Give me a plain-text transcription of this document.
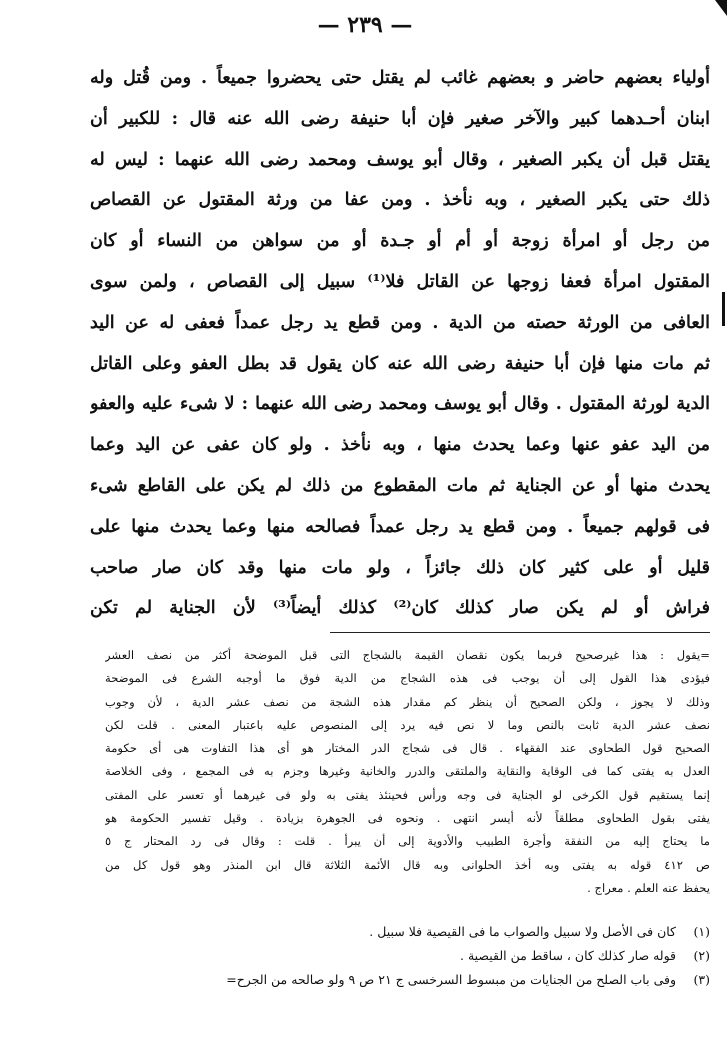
— ٢٣٩ —
أولياء بعضهم حاضر و بعضهم غائب لم يقتل حتى يحضروا جميعاً . ومن قُتل وله
ابنان أحـدهما كبير والآخر صغير فإن أبا حنيفة رضى الله عنه قال : للكبير أن
يقتل قبل أن يكبر الصغير ، وقال أبو يوسف ومحمد رضى الله عنهما : ليس له
ذلك حتى يكبر الصغير ، وبه نأخذ . ومن عفا من ورثة المقتول عن القصاص
من رجل أو امرأة زوجة أو أم أو جـدة أو من سواهن من النساء أو كان
المقتول امرأة فعفا زوجها عن القاتل فلا⁽¹⁾ سبيل إلى القصاص ، ولمن سوى
العافى من الورثة حصته من الدية . ومن قطع يد رجل عمداً فعفى له عن اليد
ثم مات منها فإن أبا حنيفة رضى الله عنه كان يقول قد بطل العفو وعلى القاتل
الدية لورثة المقتول . وقال أبو يوسف ومحمد رضى الله عنهما : لا شىء عليه والعفو
من اليد عفو عنها وعما يحدث منها ، وبه نأخذ . ولو كان عفى عن اليد وعما
يحدث منها أو عن الجناية ثم مات المقطوع من ذلك لم يكن على القاطع شىء
فى قولهم جميعاً . ومن قطع يد رجل عمداً فصالحه منها وعما يحدث منها على
قليل أو على كثير كان ذلك جائزاً ، ولو مات منها وقد كان صار صاحب
فراش أو لم يكن صار كذلك كان⁽²⁾ كذلك أيضاً⁽³⁾ لأن الجناية لم تكن
=يقول : هذا غيرصحيح فربما يكون نقصان القيمة بالشجاج التى قبل الموضحة أكثر من نصف العشر
فيؤدى هذا القول إلى أن يوجب فى هذه الشجاج من الدية فوق ما أوجبه الشرع فى الموضحة
وذلك لا يجوز ، ولكن الصحيح أن ينظر كم مقدار هذه الشجة من نصف عشر الدية ، لأن وجوب
نصف عشر الدية ثابت بالنص وما لا نص فيه يرد إلى المنصوص عليه باعتبار المعنى . قلت لكن
الصحيح قول الطحاوى عند الفقهاء . قال فى شجاج الدر المختار هو أى هذا التفاوت هى أى حكومة
العدل به يفتى كما فى الوقاية والنقاية والملتقى والدرر والخانية وغيرها وجزم به فى المجمع ، وفى الخلاصة
إنما يستقيم قول الكرخى لو الجناية فى وجه ورأس فحينئذ يفتى به ولو فى غيرهما أو تعسر على المفتى
يفتى بقول الطحاوى مطلقاً لأنه أيسر انتهى . ونحوه فى الجوهرة بزيادة . وقيل تفسير الحكومة هو
ما يحتاج إليه من النفقة وأجرة الطبيب والأدوية إلى أن يبرأ . قلت : وقال فى رد المحتار ج ٥
ص ٤١٢ قوله به يفتى وبه أخذ الحلوانى وبه قال الأئمة الثلاثة قال ابن المنذر وهو قول كل من
يحفظ عنه العلم . معراج .
(١) كان فى الأصل ولا سبيل والصواب ما فى القيصية فلا سبيل .
(٢) قوله صار كذلك كان ، ساقط من القيصية .
(٣) وفى باب الصلح من الجنايات من مبسوط السرخسى ج ٢١ ص ٩ ولو صالحه من الجرح=
